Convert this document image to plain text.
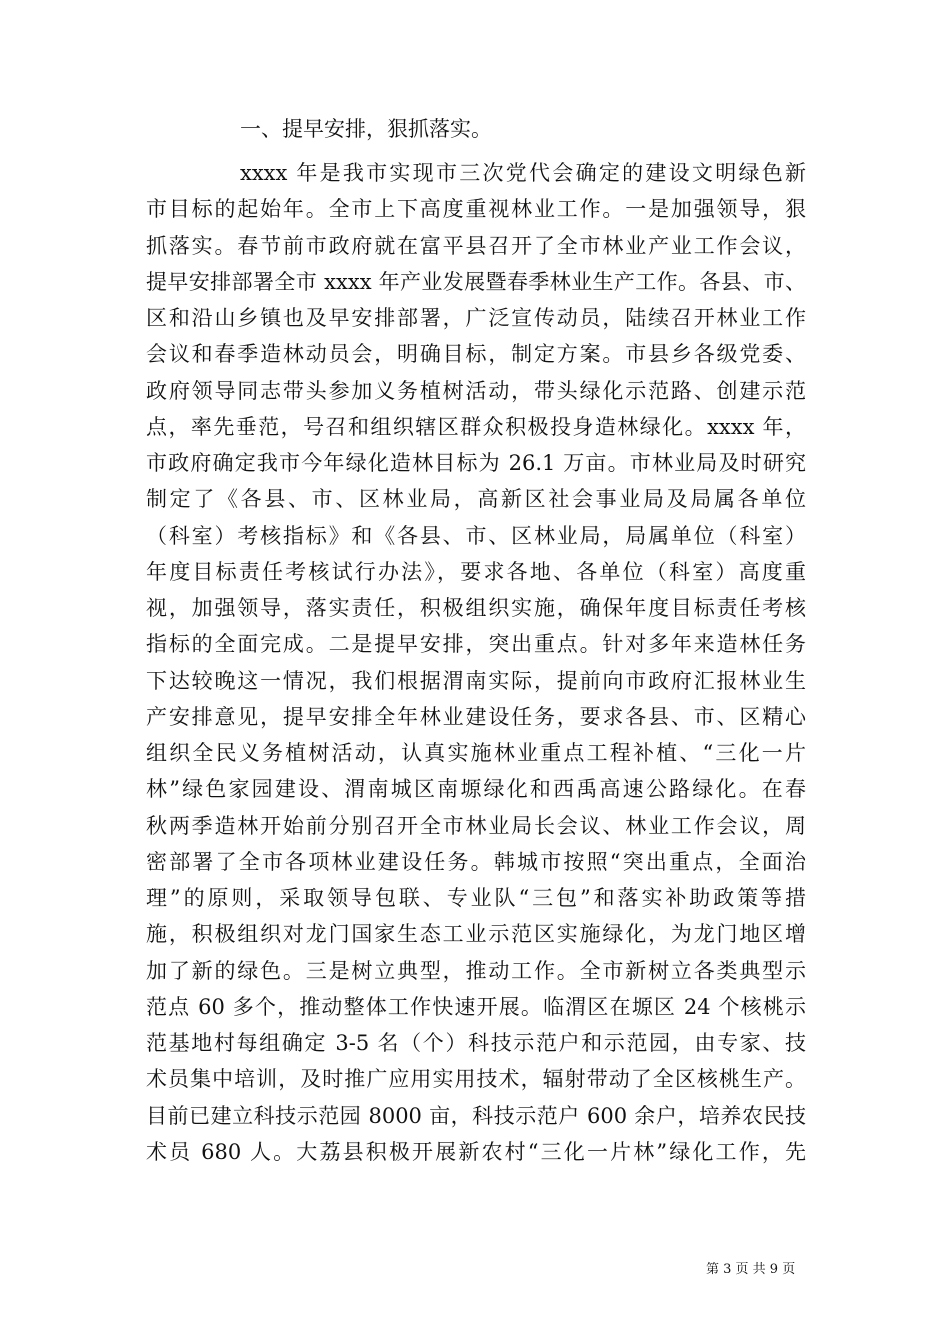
一、提早安排，狠抓落实。
xxxx 年是我市实现市三次党代会确定的建设文明绿色新
市目标的起始年。全市上下高度重视林业工作。一是加强领导，狠
抓落实。春节前市政府就在富平县召开了全市林业产业工作会议，
提早安排部署全市 xxxx 年产业发展暨春季林业生产工作。各县、市、
区和沿山乡镇也及早安排部署，广泛宣传动员，陆续召开林业工作
会议和春季造林动员会，明确目标，制定方案。市县乡各级党委、
政府领导同志带头参加义务植树活动，带头绿化示范路、创建示范
点，率先垂范，号召和组织辖区群众积极投身造林绿化。xxxx 年，
市政府确定我市今年绿化造林目标为 26.1 万亩。市林业局及时研究
制定了《各县、市、区林业局，高新区社会事业局及局属各单位
（科室）考核指标》和《各县、市、区林业局，局属单位（科室）
年度目标责任考核试行办法》，要求各地、各单位（科室）高度重
视，加强领导，落实责任，积极组织实施，确保年度目标责任考核
指标的全面完成。二是提早安排，突出重点。针对多年来造林任务
下达较晚这一情况，我们根据渭南实际，提前向市政府汇报林业生
产安排意见，提早安排全年林业建设任务，要求各县、市、区精心
组织全民义务植树活动，认真实施林业重点工程补植、“三化一片
林”绿色家园建设、渭南城区南塬绿化和西禹高速公路绿化。在春
秋两季造林开始前分别召开全市林业局长会议、林业工作会议，周
密部署了全市各项林业建设任务。韩城市按照“突出重点，全面治
理”的原则，采取领导包联、专业队“三包”和落实补助政策等措
施，积极组织对龙门国家生态工业示范区实施绿化，为龙门地区增
加了新的绿色。三是树立典型，推动工作。全市新树立各类典型示
范点 60 多个，推动整体工作快速开展。临渭区在塬区 24 个核桃示
范基地村每组确定 3-5 名（个）科技示范户和示范园，由专家、技
术员集中培训，及时推广应用实用技术，辐射带动了全区核桃生产。
目前已建立科技示范园 8000 亩，科技示范户 600 余户，培养农民技
术员 680 人。大荔县积极开展新农村“三化一片林”绿化工作，先
第 3 页 共 9 页
